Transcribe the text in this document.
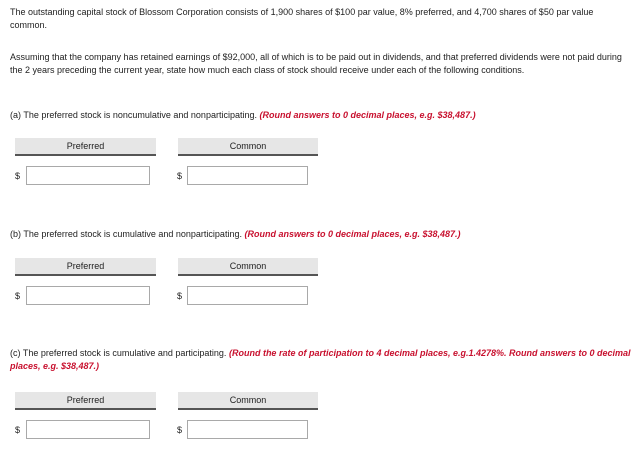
The outstanding capital stock of Blossom Corporation consists of 1,900 shares of $100 par value, 8% preferred, and 4,700 shares of $50 par value common.

Assuming that the company has retained earnings of $92,000, all of which is to be paid out in dividends, and that preferred dividends were not paid during the 2 years preceding the current year, state how much each class of stock should receive under each of the following conditions.

(a) The preferred stock is noncumulative and nonparticipating. (Round answers to 0 decimal places, e.g. $38,487.)

Preferred	Common
$	$

(b) The preferred stock is cumulative and nonparticipating. (Round answers to 0 decimal places, e.g. $38,487.)

Preferred	Common
$	$

(c) The preferred stock is cumulative and participating. (Round the rate of participation to 4 decimal places, e.g.1.4278%. Round answers to 0 decimal places, e.g. $38,487.)

Preferred	Common
$	$
